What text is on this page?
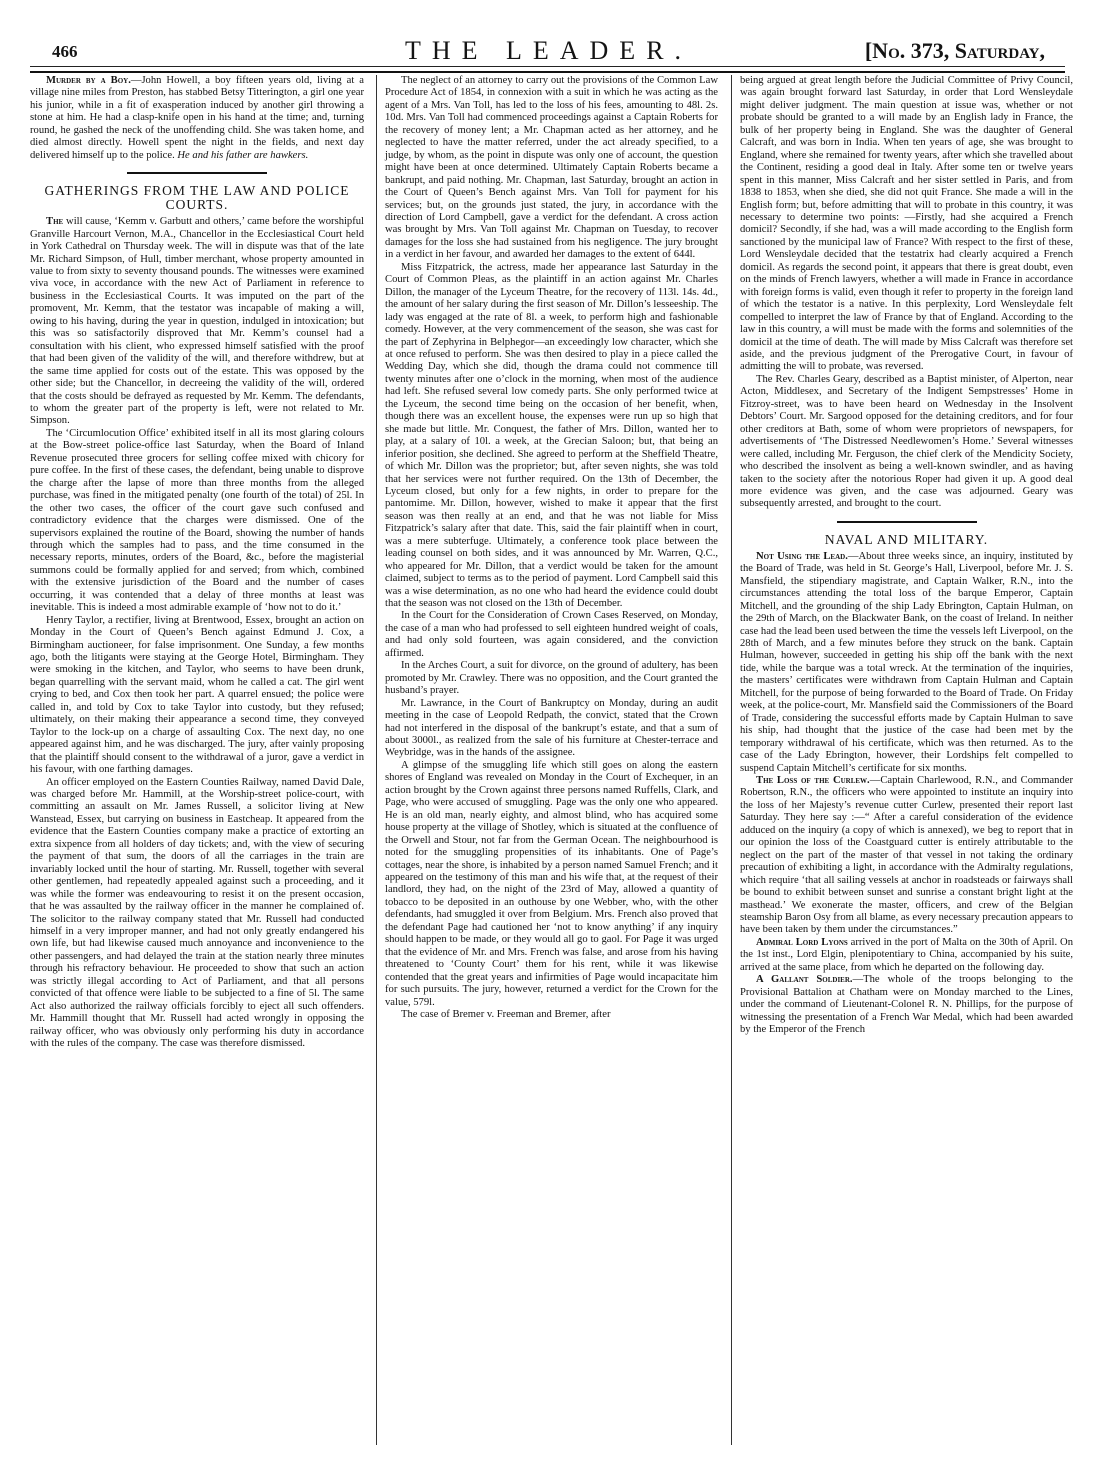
466	THE LEADER.	[No. 373, Saturday,

Murder by a Boy.—John Howell, a boy fifteen years old, living at a village nine miles from Preston, has stabbed Betsy Titterington, a girl one year his junior, while in a fit of exasperation induced by another girl throwing a stone at him. He had a clasp-knife open in his hand at the time; and, turning round, he gashed the neck of the unoffending child. She was taken home, and died almost directly. Howell spent the night in the fields, and next day delivered himself up to the police. He and his father are hawkers.

GATHERINGS FROM THE LAW AND POLICE COURTS.

The will cause, ‘Kemm v. Garbutt and others,’ came before the worshipful Granville Harcourt Vernon, M.A., Chancellor in the Ecclesiastical Court held in York Cathedral on Thursday week. The will in dispute was that of the late Mr. Richard Simpson, of Hull, timber merchant, whose property amounted in value to from sixty to seventy thousand pounds. The witnesses were examined viva voce, in accordance with the new Act of Parliament in reference to business in the Ecclesiastical Courts. It was imputed on the part of the promovent, Mr. Kemm, that the testator was incapable of making a will, owing to his having, during the year in question, indulged in intoxication; but this was so satisfactorily disproved that Mr. Kemm’s counsel had a consultation with his client, who expressed himself satisfied with the proof that had been given of the validity of the will, and therefore withdrew, but at the same time applied for costs out of the estate. This was opposed by the other side; but the Chancellor, in decreeing the validity of the will, ordered that the costs should be defrayed as requested by Mr. Kemm. The defendants, to whom the greater part of the property is left, were not related to Mr. Simpson.

The ‘Circumlocution Office’ exhibited itself in all its most glaring colours at the Bow-street police-office last Saturday, when the Board of Inland Revenue prosecuted three grocers for selling coffee mixed with chicory for pure coffee. In the first of these cases, the defendant, being unable to disprove the charge after the lapse of more than three months from the alleged purchase, was fined in the mitigated penalty (one fourth of the total) of 25l. In the other two cases, the officer of the court gave such confused and contradictory evidence that the charges were dismissed. One of the supervisors explained the routine of the Board, showing the number of hands through which the samples had to pass, and the time consumed in the necessary reports, minutes, orders of the Board, &c., before the magisterial summons could be formally applied for and served; from which, combined with the extensive jurisdiction of the Board and the number of cases occurring, it was contended that a delay of three months at least was inevitable. This is indeed a most admirable example of ‘how not to do it.’

Henry Taylor, a rectifier, living at Brentwood, Essex, brought an action on Monday in the Court of Queen’s Bench against Edmund J. Cox, a Birmingham auctioneer, for false imprisonment. One Sunday, a few months ago, both the litigants were staying at the George Hotel, Birmingham. They were smoking in the kitchen, and Taylor, who seems to have been drunk, began quarrelling with the servant maid, whom he called a cat. The girl went crying to bed, and Cox then took her part. A quarrel ensued; the police were called in, and told by Cox to take Taylor into custody, but they refused; ultimately, on their making their appearance a second time, they conveyed Taylor to the lock-up on a charge of assaulting Cox. The next day, no one appeared against him, and he was discharged. The jury, after vainly proposing that the plaintiff should consent to the withdrawal of a juror, gave a verdict in his favour, with one farthing damages.

An officer employed on the Eastern Counties Railway, named David Dale, was charged before Mr. Hammill, at the Worship-street police-court, with committing an assault on Mr. James Russell, a solicitor living at New Wanstead, Essex, but carrying on business in Eastcheap. It appeared from the evidence that the Eastern Counties company make a practice of extorting an extra sixpence from all holders of day tickets; and, with the view of securing the payment of that sum, the doors of all the carriages in the train are invariably locked until the hour of starting. Mr. Russell, together with several other gentlemen, had repeatedly appealed against such a proceeding, and it was while the former was endeavouring to resist it on the present occasion, that he was assaulted by the railway officer in the manner he complained of. The solicitor to the railway company stated that Mr. Russell had conducted himself in a very improper manner, and had not only greatly endangered his own life, but had likewise caused much annoyance and inconvenience to the other passengers, and had delayed the train at the station nearly three minutes through his refractory behaviour. He proceeded to show that such an action was strictly illegal according to Act of Parliament, and that all persons convicted of that offence were liable to be subjected to a fine of 5l. The same Act also authorized the railway officials forcibly to eject all such offenders. Mr. Hammill thought that Mr. Russell had acted wrongly in opposing the railway officer, who was obviously only performing his duty in accordance with the rules of the company. The case was therefore dismissed.

The neglect of an attorney to carry out the provisions of the Common Law Procedure Act of 1854, in connexion with a suit in which he was acting as the agent of a Mrs. Van Toll, has led to the loss of his fees, amounting to 48l. 2s. 10d. Mrs. Van Toll had commenced proceedings against a Captain Roberts for the recovery of money lent; a Mr. Chapman acted as her attorney, and he neglected to have the matter referred, under the act already specified, to a judge, by whom, as the point in dispute was only one of account, the question might have been at once determined. Ultimately Captain Roberts became a bankrupt, and paid nothing. Mr. Chapman, last Saturday, brought an action in the Court of Queen’s Bench against Mrs. Van Toll for payment for his services; but, on the grounds just stated, the jury, in accordance with the direction of Lord Campbell, gave a verdict for the defendant. A cross action was brought by Mrs. Van Toll against Mr. Chapman on Tuesday, to recover damages for the loss she had sustained from his negligence. The jury brought in a verdict in her favour, and awarded her damages to the extent of 644l.

Miss Fitzpatrick, the actress, made her appearance last Saturday in the Court of Common Pleas, as the plaintiff in an action against Mr. Charles Dillon, the manager of the Lyceum Theatre, for the recovery of 113l. 14s. 4d., the amount of her salary during the first season of Mr. Dillon’s lesseeship. The lady was engaged at the rate of 8l. a week, to perform high and fashionable comedy. However, at the very commencement of the season, she was cast for the part of Zephyrina in Belphegor—an exceedingly low character, which she at once refused to perform. She was then desired to play in a piece called the Wedding Day, which she did, though the drama could not commence till twenty minutes after one o’clock in the morning, when most of the audience had left. She refused several low comedy parts. She only performed twice at the Lyceum, the second time being on the occasion of her benefit, when, though there was an excellent house, the expenses were run up so high that she made but little. Mr. Conquest, the father of Mrs. Dillon, wanted her to play, at a salary of 10l. a week, at the Grecian Saloon; but, that being an inferior position, she declined. She agreed to perform at the Sheffield Theatre, of which Mr. Dillon was the proprietor; but, after seven nights, she was told that her services were not further required. On the 13th of December, the Lyceum closed, but only for a few nights, in order to prepare for the pantomime. Mr. Dillon, however, wished to make it appear that the first season was then really at an end, and that he was not liable for Miss Fitzpatrick’s salary after that date. This, said the fair plaintiff when in court, was a mere subterfuge. Ultimately, a conference took place between the leading counsel on both sides, and it was announced by Mr. Warren, Q.C., who appeared for Mr. Dillon, that a verdict would be taken for the amount claimed, subject to terms as to the period of payment. Lord Campbell said this was a wise determination, as no one who had heard the evidence could doubt that the season was not closed on the 13th of December.

In the Court for the Consideration of Crown Cases Reserved, on Monday, the case of a man who had professed to sell eighteen hundred weight of coals, and had only sold fourteen, was again considered, and the conviction affirmed.

In the Arches Court, a suit for divorce, on the ground of adultery, has been promoted by Mr. Crawley. There was no opposition, and the Court granted the husband’s prayer.

Mr. Lawrance, in the Court of Bankruptcy on Monday, during an audit meeting in the case of Leopold Redpath, the convict, stated that the Crown had not interfered in the disposal of the bankrupt’s estate, and that a sum of about 3000l., as realized from the sale of his furniture at Chester-terrace and Weybridge, was in the hands of the assignee.

A glimpse of the smuggling life which still goes on along the eastern shores of England was revealed on Monday in the Court of Exchequer, in an action brought by the Crown against three persons named Ruffells, Clark, and Page, who were accused of smuggling. Page was the only one who appeared. He is an old man, nearly eighty, and almost blind, who has acquired some house property at the village of Shotley, which is situated at the confluence of the Orwell and Stour, not far from the German Ocean. The neighbourhood is noted for the smuggling propensities of its inhabitants. One of Page’s cottages, near the shore, is inhabited by a person named Samuel French; and it appeared on the testimony of this man and his wife that, at the request of their landlord, they had, on the night of the 23rd of May, allowed a quantity of tobacco to be deposited in an outhouse by one Webber, who, with the other defendants, had smuggled it over from Belgium. Mrs. French also proved that the defendant Page had cautioned her ‘not to know anything’ if any inquiry should happen to be made, or they would all go to gaol. For Page it was urged that the evidence of Mr. and Mrs. French was false, and arose from his having threatened to ‘County Court’ them for his rent, while it was likewise contended that the great years and infirmities of Page would incapacitate him for such pursuits. The jury, however, returned a verdict for the Crown for the value, 579l.

The case of Bremer v. Freeman and Bremer, after

being argued at great length before the Judicial Committee of Privy Council, was again brought forward last Saturday, in order that Lord Wensleydale might deliver judgment. The main question at issue was, whether or not probate should be granted to a will made by an English lady in France, the bulk of her property being in England. She was the daughter of General Calcraft, and was born in India. When ten years of age, she was brought to England, where she remained for twenty years, after which she travelled about the Continent, residing a good deal in Italy. After some ten or twelve years spent in this manner, Miss Calcraft and her sister settled in Paris, and from 1838 to 1853, when she died, she did not quit France. She made a will in the English form; but, before admitting that will to probate in this country, it was necessary to determine two points: —Firstly, had she acquired a French domicil? Secondly, if she had, was a will made according to the English form sanctioned by the municipal law of France? With respect to the first of these, Lord Wensleydale decided that the testatrix had clearly acquired a French domicil. As regards the second point, it appears that there is great doubt, even on the minds of French lawyers, whether a will made in France in accordance with foreign forms is valid, even though it refer to property in the foreign land of which the testator is a native. In this perplexity, Lord Wensleydale felt compelled to interpret the law of France by that of England. According to the law in this country, a will must be made with the forms and solemnities of the domicil at the time of death. The will made by Miss Calcraft was therefore set aside, and the previous judgment of the Prerogative Court, in favour of admitting the will to probate, was reversed.

The Rev. Charles Geary, described as a Baptist minister, of Alperton, near Acton, Middlesex, and Secretary of the Indigent Sempstresses’ Home in Fitzroy-street, was to have been heard on Wednesday in the Insolvent Debtors’ Court. Mr. Sargood opposed for the detaining creditors, and for four other creditors at Bath, some of whom were proprietors of newspapers, for advertisements of ‘The Distressed Needlewomen’s Home.’ Several witnesses were called, including Mr. Ferguson, the chief clerk of the Mendicity Society, who described the insolvent as being a well-known swindler, and as having taken to the society after the notorious Roper had given it up. A good deal more evidence was given, and the case was adjourned. Geary was subsequently arrested, and brought to the court.

NAVAL AND MILITARY.

Not Using the Lead.—About three weeks since, an inquiry, instituted by the Board of Trade, was held in St. George’s Hall, Liverpool, before Mr. J. S. Mansfield, the stipendiary magistrate, and Captain Walker, R.N., into the circumstances attending the total loss of the barque Emperor, Captain Mitchell, and the grounding of the ship Lady Ebrington, Captain Hulman, on the 29th of March, on the Blackwater Bank, on the coast of Ireland. In neither case had the lead been used between the time the vessels left Liverpool, on the 28th of March, and a few minutes before they struck on the bank. Captain Hulman, however, succeeded in getting his ship off the bank with the next tide, while the barque was a total wreck. At the termination of the inquiries, the masters’ certificates were withdrawn from Captain Hulman and Captain Mitchell, for the purpose of being forwarded to the Board of Trade. On Friday week, at the police-court, Mr. Mansfield said the Commissioners of the Board of Trade, considering the successful efforts made by Captain Hulman to save his ship, had thought that the justice of the case had been met by the temporary withdrawal of his certificate, which was then returned. As to the case of the Lady Ebrington, however, their Lordships felt compelled to suspend Captain Mitchell’s certificate for six months.

The Loss of the Curlew.—Captain Charlewood, R.N., and Commander Robertson, R.N., the officers who were appointed to institute an inquiry into the loss of her Majesty’s revenue cutter Curlew, presented their report last Saturday. They here say :—“ After a careful consideration of the evidence adduced on the inquiry (a copy of which is annexed), we beg to report that in our opinion the loss of the Coastguard cutter is entirely attributable to the neglect on the part of the master of that vessel in not taking the ordinary precaution of exhibiting a light, in accordance with the Admiralty regulations, which require ‘that all sailing vessels at anchor in roadsteads or fairways shall be bound to exhibit between sunset and sunrise a constant bright light at the masthead.’ We exonerate the master, officers, and crew of the Belgian steamship Baron Osy from all blame, as every necessary precaution appears to have been taken by them under the circumstances.”

Admiral Lord Lyons arrived in the port of Malta on the 30th of April. On the 1st inst., Lord Elgin, plenipotentiary to China, accompanied by his suite, arrived at the same place, from which he departed on the following day.

A Gallant Soldier.—The whole of the troops belonging to the Provisional Battalion at Chatham were on Monday marched to the Lines, under the command of Lieutenant-Colonel R. N. Phillips, for the purpose of witnessing the presentation of a French War Medal, which had been awarded by the Emperor of the French
